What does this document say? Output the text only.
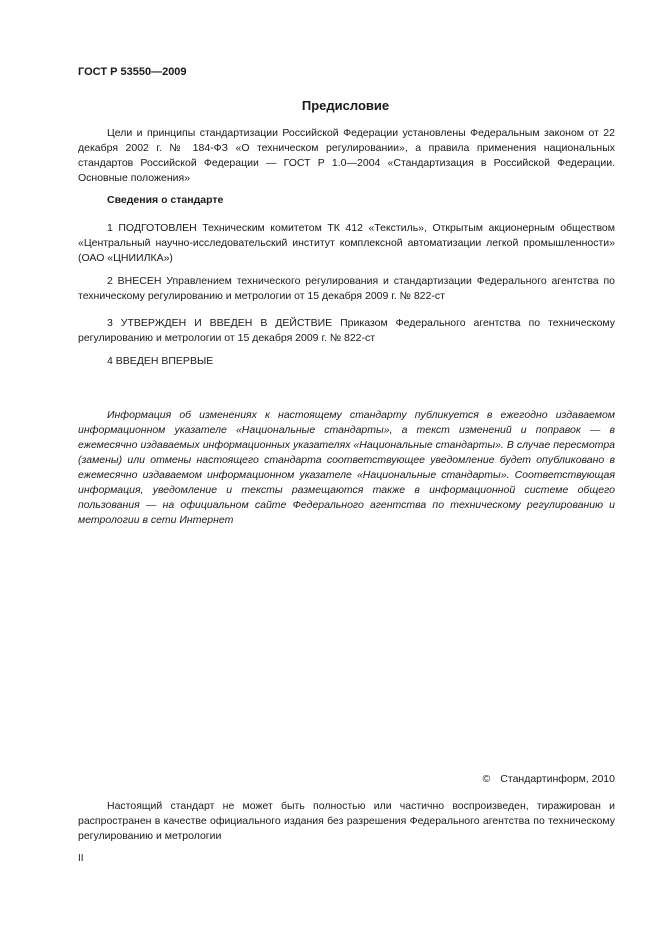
ГОСТ Р 53550—2009
Предисловие

Цели и принципы стандартизации Российской Федерации установлены Федеральным законом от 22 декабря 2002 г. № 184-ФЗ «О техническом регулировании», а правила применения национальных стандартов Российской Федерации — ГОСТ Р 1.0—2004 «Стандартизация в Российской Федерации. Основные положения»

Сведения о стандарте

1 ПОДГОТОВЛЕН Техническим комитетом ТК 412 «Текстиль», Открытым акционерным обществом «Центральный научно-исследовательский институт комплексной автоматизации легкой промышленности» (ОАО «ЦНИИЛКА»)

2 ВНЕСЕН Управлением технического регулирования и стандартизации Федерального агентства по техническому регулированию и метрологии от 15 декабря 2009 г. № 822-ст

3 УТВЕРЖДЕН И ВВЕДЕН В ДЕЙСТВИЕ Приказом Федерального агентства по техническому регулированию и метрологии от 15 декабря 2009 г. № 822-ст

4 ВВЕДЕН ВПЕРВЫЕ

Информация об изменениях к настоящему стандарту публикуется в ежегодно издаваемом информационном указателе «Национальные стандарты», а текст изменений и поправок — в ежемесячно издаваемых информационных указателях «Национальные стандарты». В случае пересмотра (замены) или отмены настоящего стандарта соответствующее уведомление будет опубликовано в ежемесячно издаваемом информационном указателе «Национальные стандарты». Соответствующая информация, уведомление и тексты размещаются также в информационной системе общего пользования — на официальном сайте Федерального агентства по техническому регулированию и метрологии в сети Интернет

© Стандартинформ, 2010

Настоящий стандарт не может быть полностью или частично воспроизведен, тиражирован и распространен в качестве официального издания без разрешения Федерального агентства по техническому регулированию и метрологии

II
